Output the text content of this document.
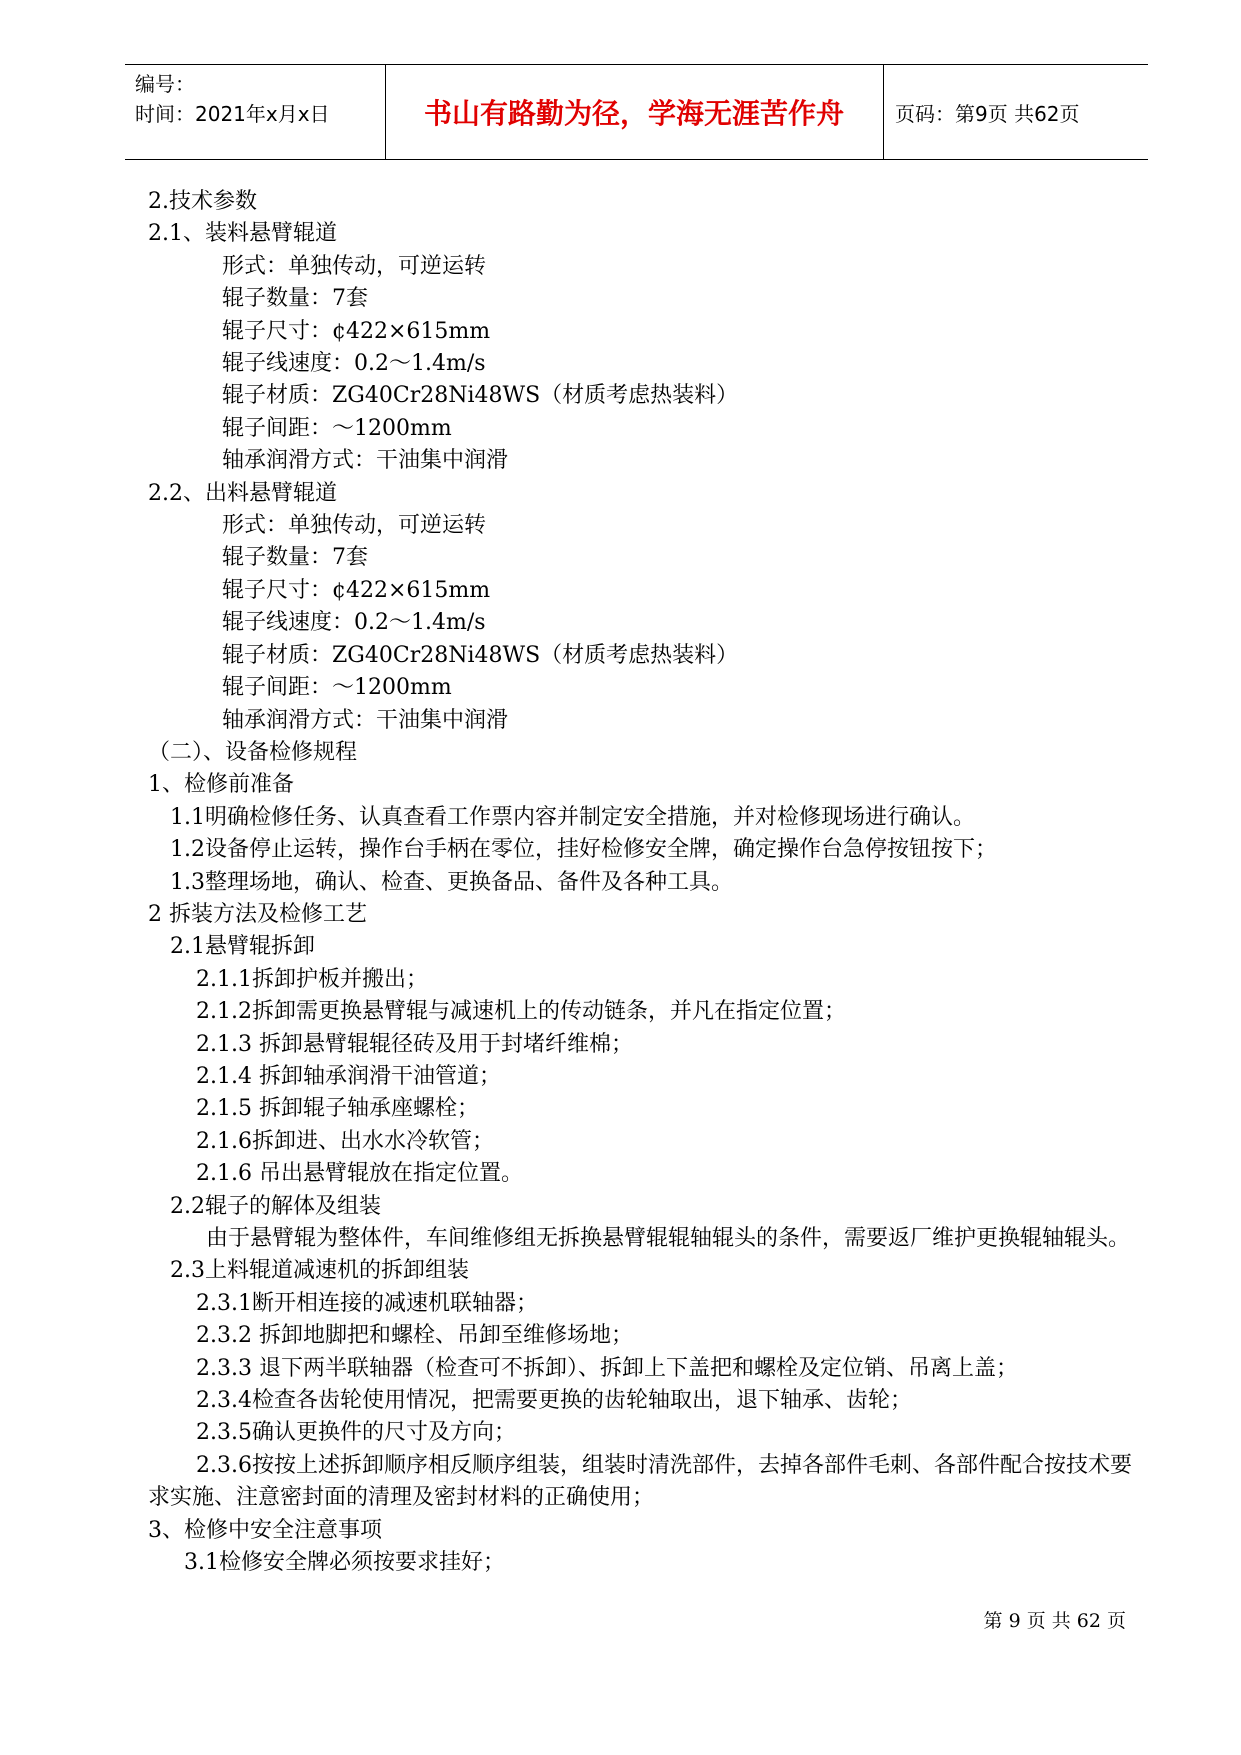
编号：
时间：2021年x月x日	书山有路勤为径，学海无涯苦作舟	页码：第9页 共62页
2.技术参数
2.1、装料悬臂辊道
形式：单独传动，可逆运转
辊子数量：7套
辊子尺寸：¢422×615mm
辊子线速度：0.2～1.4m/s
辊子材质：ZG40Cr28Ni48WS（材质考虑热装料）
辊子间距：～1200mm
轴承润滑方式：干油集中润滑
2.2、出料悬臂辊道
形式：单独传动，可逆运转
辊子数量：7套
辊子尺寸：¢422×615mm
辊子线速度：0.2～1.4m/s
辊子材质：ZG40Cr28Ni48WS（材质考虑热装料）
辊子间距：～1200mm
轴承润滑方式：干油集中润滑
（二）、设备检修规程
1、检修前准备
1.1明确检修任务、认真查看工作票内容并制定安全措施，并对检修现场进行确认。
1.2设备停止运转，操作台手柄在零位，挂好检修安全牌，确定操作台急停按钮按下；
1.3整理场地，确认、检查、更换备品、备件及各种工具。
2 拆装方法及检修工艺
2.1悬臂辊拆卸
2.1.1拆卸护板并搬出；
2.1.2拆卸需更换悬臂辊与减速机上的传动链条，并凡在指定位置；
2.1.3 拆卸悬臂辊辊径砖及用于封堵纤维棉；
2.1.4 拆卸轴承润滑干油管道；
2.1.5 拆卸辊子轴承座螺栓；
2.1.6拆卸进、出水水冷软管；
2.1.6 吊出悬臂辊放在指定位置。
2.2辊子的解体及组装
由于悬臂辊为整体件，车间维修组无拆换悬臂辊辊轴辊头的条件，需要返厂维护更换辊轴辊头。
2.3上料辊道减速机的拆卸组装
2.3.1断开相连接的减速机联轴器；
2.3.2 拆卸地脚把和螺栓、吊卸至维修场地；
2.3.3 退下两半联轴器（检查可不拆卸）、拆卸上下盖把和螺栓及定位销、吊离上盖；
2.3.4检查各齿轮使用情况，把需要更换的齿轮轴取出，退下轴承、齿轮；
2.3.5确认更换件的尺寸及方向；
2.3.6按按上述拆卸顺序相反顺序组装，组装时清洗部件，去掉各部件毛刺、各部件配合按技术要求实施、注意密封面的清理及密封材料的正确使用；
3、检修中安全注意事项
3.1检修安全牌必须按要求挂好；
第 9 页 共 62 页
